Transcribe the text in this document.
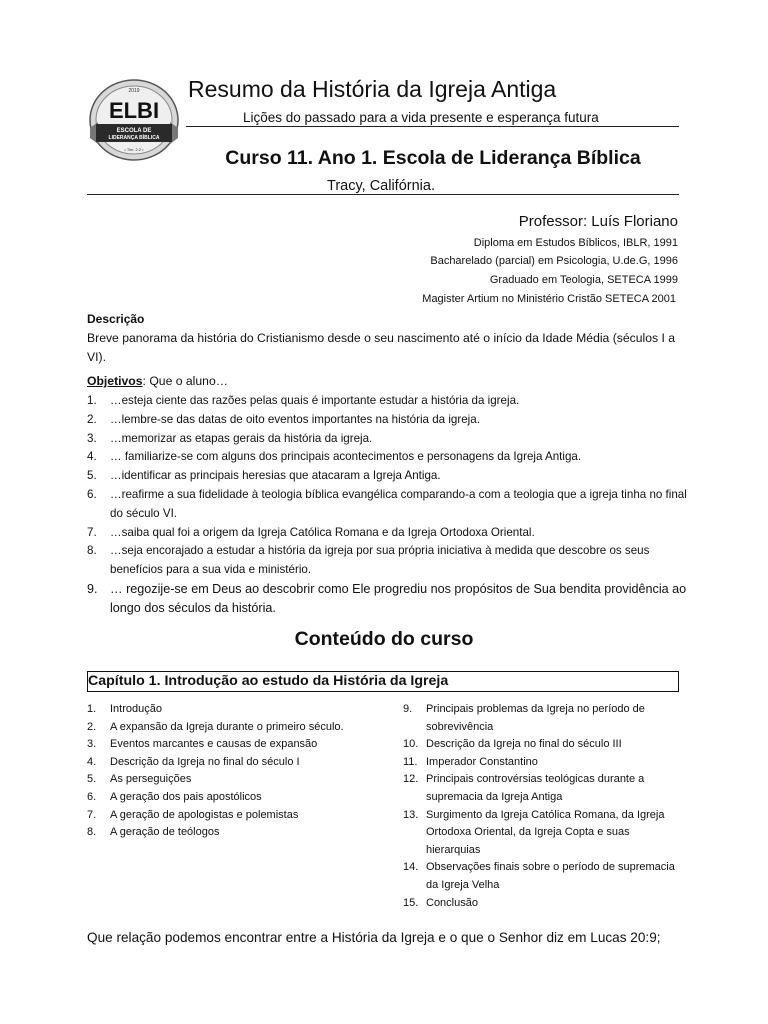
2019
ELBI
ESCOLA DE
LIDERANÇA BÍBLICA
• Tim. 2:2 •
Resumo da História da Igreja Antiga
Lições do passado para a vida presente e esperança futura
Curso 11. Ano 1. Escola de Liderança Bíblica
Tracy, Califórnia.
Professor: Luís Floriano
Diploma em Estudos Bíblicos, IBLR, 1991
Bacharelado (parcial) em Psicologia, U.de.G, 1996
Graduado em Teologia, SETECA 1999
Magister Artium no Ministério Cristão SETECA 2001
Descrição
Breve panorama da história do Cristianismo desde o seu nascimento até o início da Idade Média (séculos I a VI).
Objetivos: Que o aluno…
1. …esteja ciente das razões pelas quais é importante estudar a história da igreja.
2. …lembre-se das datas de oito eventos importantes na história da igreja.
3. …memorizar as etapas gerais da história da igreja.
4. … familiarize-se com alguns dos principais acontecimentos e personagens da Igreja Antiga.
5. …identificar as principais heresias que atacaram a Igreja Antiga.
6. …reafirme a sua fidelidade à teologia bíblica evangélica comparando-a com a teologia que a igreja tinha no final do século VI.
7. …saiba qual foi a origem da Igreja Católica Romana e da Igreja Ortodoxa Oriental.
8. …seja encorajado a estudar a história da igreja por sua própria iniciativa à medida que descobre os seus benefícios para a sua vida e ministério.
9. … regozije-se em Deus ao descobrir como Ele progrediu nos propósitos de Sua bendita providência ao longo dos séculos da história.
Conteúdo do curso
Capítulo 1. Introdução ao estudo da História da Igreja
1. Introdução
2. A expansão da Igreja durante o primeiro século.
3. Eventos marcantes e causas de expansão
4. Descrição da Igreja no final do século I
5. As perseguições
6. A geração dos pais apostólicos
7. A geração de apologistas e polemistas
8. A geração de teólogos
9. Principais problemas da Igreja no período de sobrevivência
10. Descrição da Igreja no final do século III
11. Imperador Constantino
12. Principais controvérsias teológicas durante a supremacia da Igreja Antiga
13. Surgimento da Igreja Católica Romana, da Igreja Ortodoxa Oriental, da Igreja Copta e suas hierarquias
14. Observações finais sobre o período de supremacia da Igreja Velha
15. Conclusão
Que relação podemos encontrar entre a História da Igreja e o que o Senhor diz em Lucas 20:9;
